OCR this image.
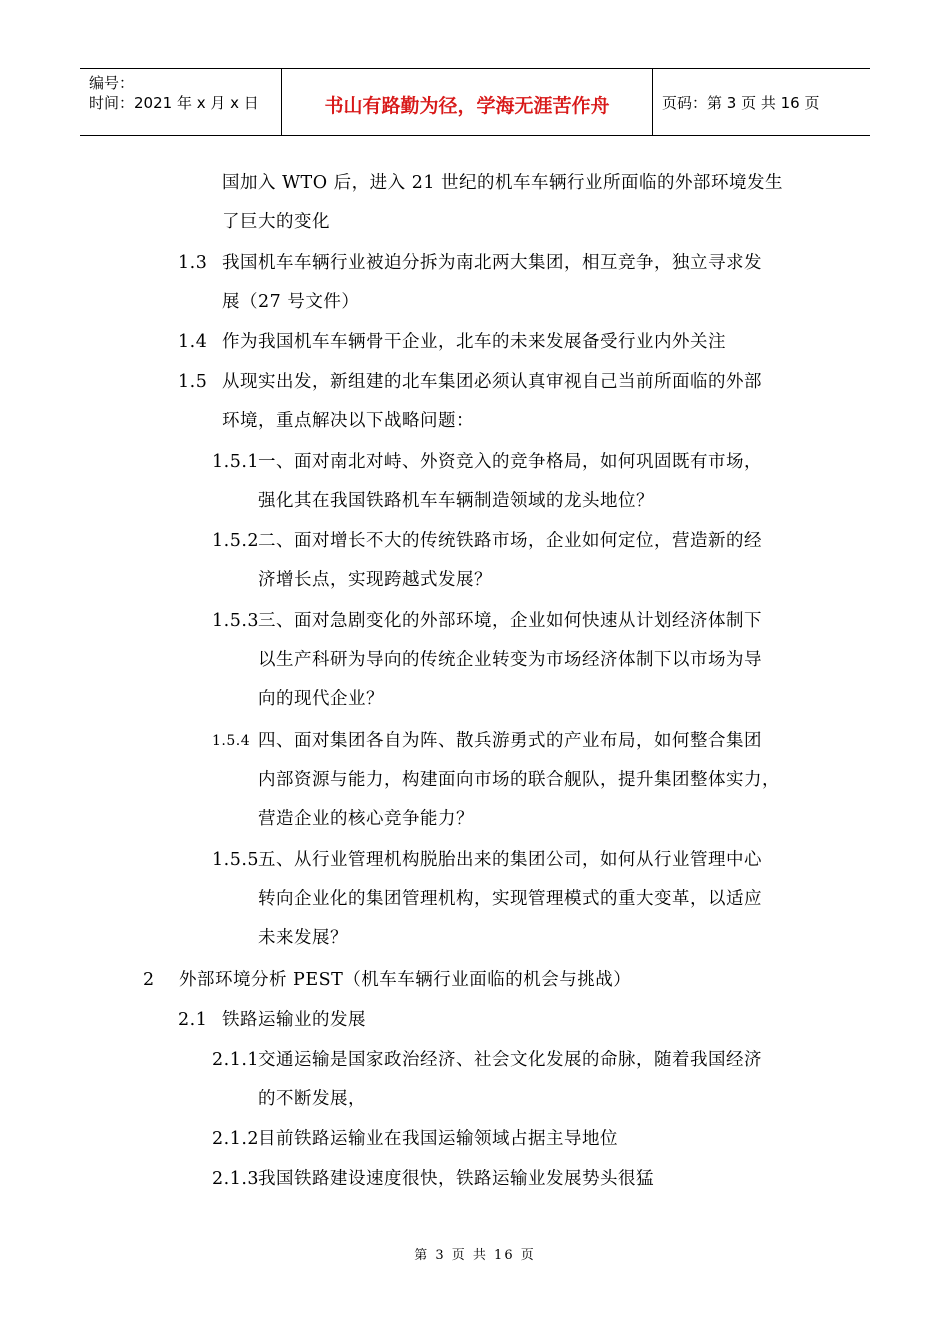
编号：
时间：2021 年 x 月 x 日	书山有路勤为径，学海无涯苦作舟	页码：第 3 页 共 16 页
国加入 WTO 后，进入 21 世纪的机车车辆行业所面临的外部环境发生
了巨大的变化
1.3 我国机车车辆行业被迫分拆为南北两大集团，相互竞争，独立寻求发
展（27 号文件）
1.4 作为我国机车车辆骨干企业，北车的未来发展备受行业内外关注
1.5 从现实出发，新组建的北车集团必须认真审视自己当前所面临的外部
环境，重点解决以下战略问题：
1.5.1
一、面对南北对峙、外资竞入的竞争格局，如何巩固既有市场，
强化其在我国铁路机车车辆制造领域的龙头地位？
1.5.2
二、面对增长不大的传统铁路市场，企业如何定位，营造新的经
济增长点，实现跨越式发展？
1.5.3
三、面对急剧变化的外部环境，企业如何快速从计划经济体制下
以生产科研为导向的传统企业转变为市场经济体制下以市场为导
向的现代企业？
1.5.4 四、面对集团各自为阵、散兵游勇式的产业布局，如何整合集团
内部资源与能力，构建面向市场的联合舰队，提升集团整体实力，
营造企业的核心竞争能力？
1.5.5
五、从行业管理机构脱胎出来的集团公司，如何从行业管理中心
转向企业化的集团管理机构，实现管理模式的重大变革，以适应
未来发展？
2 外部环境分析 PEST（机车车辆行业面临的机会与挑战）
2.1 铁路运输业的发展
2.1.1
交通运输是国家政治经济、社会文化发展的命脉，随着我国经济
的不断发展，
2.1.2
目前铁路运输业在我国运输领域占据主导地位
2.1.3
我国铁路建设速度很快，铁路运输业发展势头很猛
第 3 页 共 16 页
